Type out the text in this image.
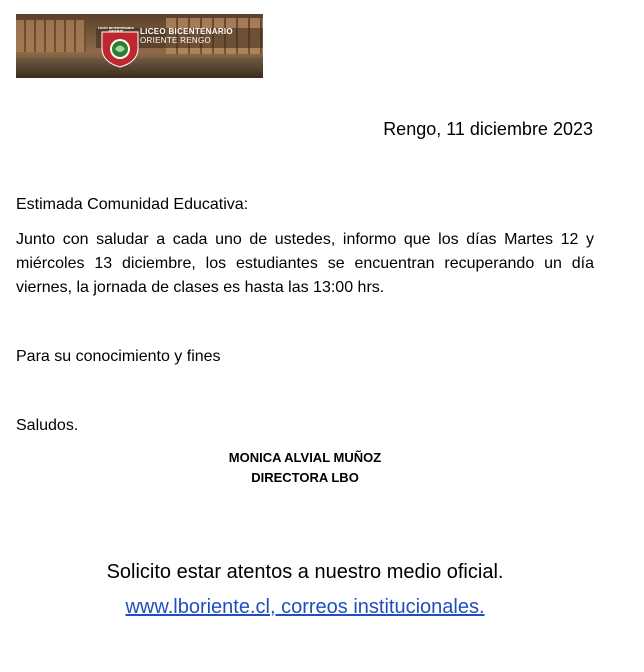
LICEO BICENTENARIO ORIENTE	LICEO BICENTENARIO
ORIENTE RENGO
Rengo, 11 diciembre 2023
Estimada Comunidad Educativa:
Junto con saludar a cada uno de ustedes, informo que los días Martes 12 y miércoles 13 diciembre, los estudiantes se encuentran recuperando un día viernes, la jornada de clases es hasta las 13:00 hrs.
Para su conocimiento y fines
Saludos.
MONICA ALVIAL MUÑOZ
DIRECTORA LBO
Solicito estar atentos a nuestro medio oficial.
www.lboriente.cl, correos institucionales.
